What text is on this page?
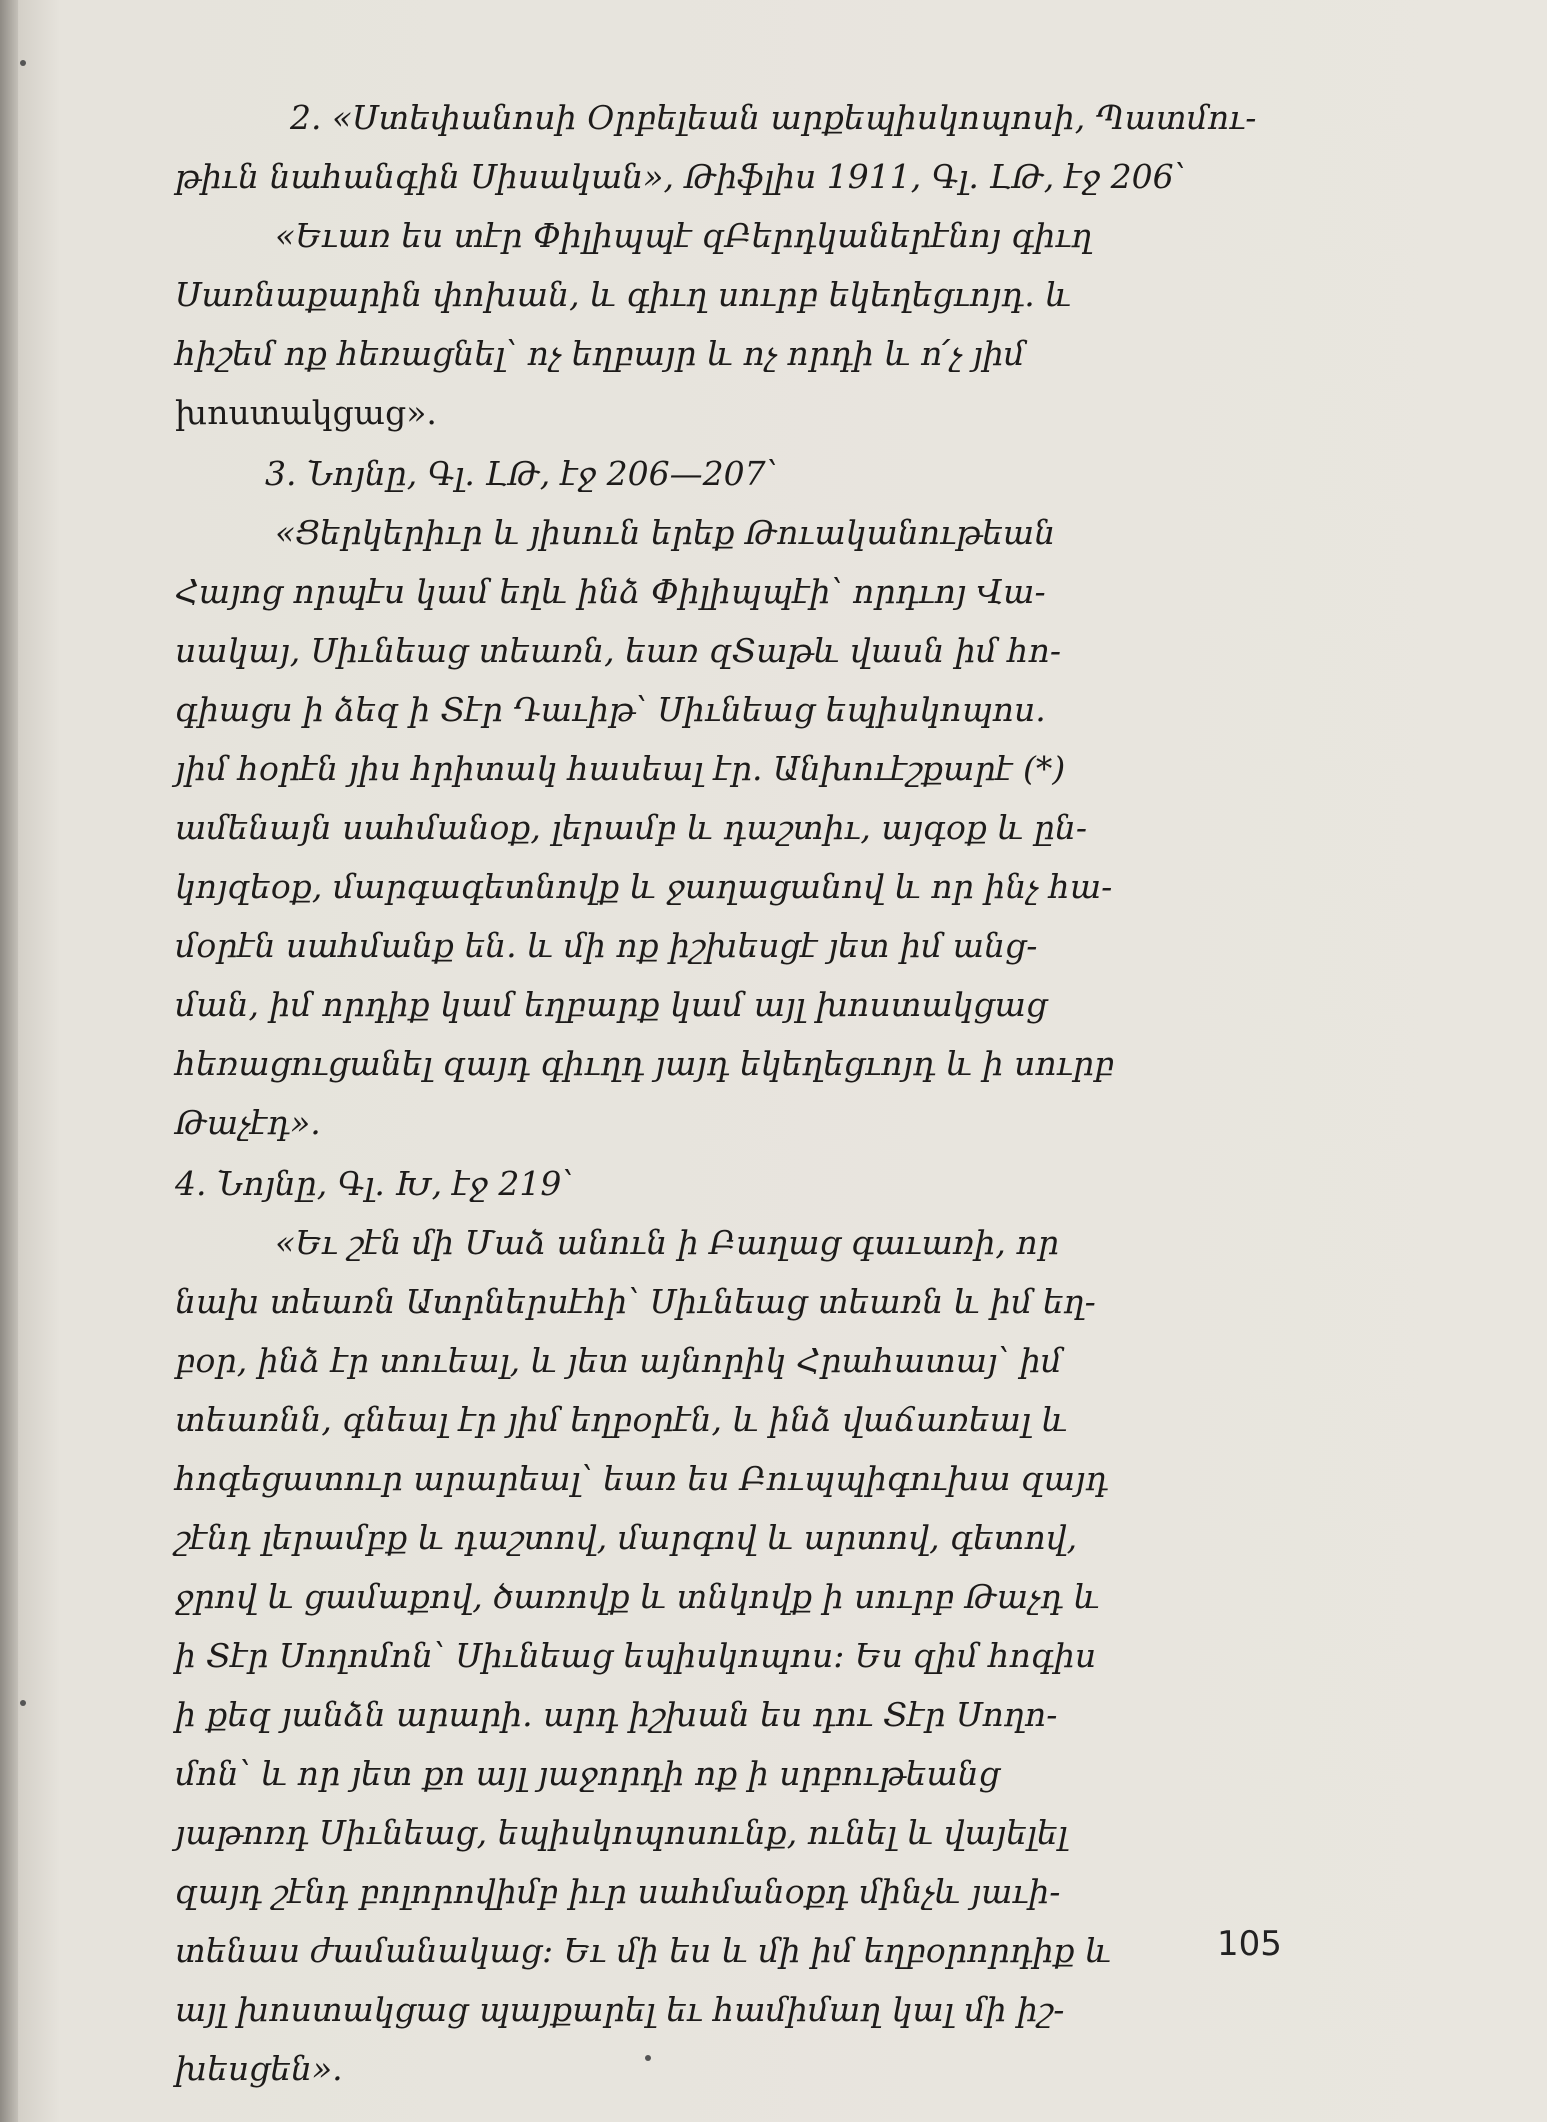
2. «Ստեփանոսի Օրբելեան արքեպիսկոպոսի, Պատմու-
թիւն նահանգին Սիսական», Թիֆլիս 1911, Գլ. ԼԹ, էջ 206՝
«Եւառ ես տէր Փիլիպպէ զԲերդկաներէնոյ գիւղ
Սառնաքարին փոխան, և գիւղ սուրբ եկեղեցւոյդ. և
հիշեմ ոք հեռացնել՝ ոչ եղբայր և ոչ որդի և ո՛չ յիմ
խոստակցաց».
3. Նոյնը, Գլ. ԼԹ, էջ 206—207՝
«Ցերկերիւր և յիսուն երեք Թուականութեան
Հայոց որպէս կամ եղև ինձ Փիլիպպէի՝ որդւոյ Վա-
սակայ, Սիւնեաց տեառն, եառ զՏաթև վասն իմ հո-
գիացս ի ձեզ ի Տէր Դաւիթ՝ Սիւնեաց եպիսկոպոս.
յիմ հօրէն յիս հրիտակ հասեալ էր. Անխուէշքարէ (*)
ամենայն սահմանօք, լերամբ և դաշտիւ, այգօք և ըն-
կոյզեօք, մարգագետնովք և ջաղացանով և որ ինչ հա-
մօրէն սահմանք են. և մի ոք իշխեսցէ յետ իմ անց-
ման, իմ որդիք կամ եղբարք կամ այլ խոստակցաց
հեռացուցանել զայդ գիւղդ յայդ եկեղեցւոյդ և ի սուրբ
Թաչէդ».
4. Նոյնը, Գլ. Խ, էջ 219՝
«Եւ շէն մի Մաձ անուն ի Բաղաց գաւառի, որ
նախ տեառն Ատրներսէհի՝ Սիւնեաց տեառն և իմ եղ-
բօր, ինձ էր տուեալ, և յետ այնորիկ Հրահատայ՝ իմ
տեառնն, գնեալ էր յիմ եղբօրէն, և ինձ վաճառեալ և
հոգեցատուր արարեալ՝ եառ ես Բուպպիգուխա զայդ
շէնդ լերամբք և դաշտով, մարգով և արտով, գետով,
ջրով և ցամաքով, ծառովք և տնկովք ի սուրբ Թաչդ և
ի Տէր Սողոմոն՝ Սիւնեաց եպիսկոպոս: Ես զիմ հոգիս
ի քեզ յանձն արարի. արդ իշխան ես դու Տէր Սողո-
մոն՝ և որ յետ քո այլ յաջորդի ոք ի սրբութեանց
յաթոռդ Սիւնեաց, եպիսկոպոսունք, ունել և վայելել
զայդ շէնդ բոլորովիմբ իւր սահմանօքդ մինչև յաւի-
տենաս ժամանակաց: Եւ մի ես և մի իմ եղբօրորդիք և
այլ խոստակցաց պայքարել եւ համիմաղ կալ մի իշ-
խեսցեն».
105
